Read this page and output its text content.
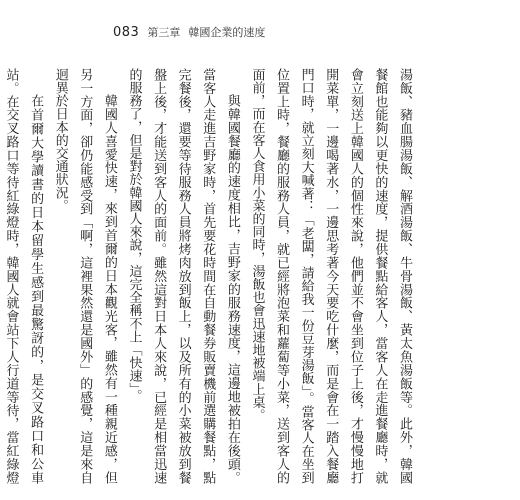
083 第三章 韓國企業的速度

湯飯、豬血腸湯飯、解酒湯飯、牛骨湯飯、黃太魚湯飯等。此外，韓國餐館也能夠以更快的速度，提供餐點給客人，當客人在走進餐廳時，就會立刻送上韓國人的個性來說，他們並不會坐到位子上後，才慢慢地打開菜單，一邊喝著水，一邊思考著今天要吃什麼，而是會在一踏入餐廳門口時，就立刻大喊著：「老闆，請給我一份豆芽湯飯」。當客人在坐到位置上時，餐廳的服務人員，就已經將泡菜和蘿蔔等小菜，送到客人的面前，而在客人食用小菜的同時，湯飯也會迅速地被端上桌。

與韓國餐廳的速度相比，吉野家的服務速度，這邊地被拍在後頭。當客人走進吉野家時，首先要花時間在自動餐券販賣機前選購餐點，點完餐後，還要等待服務人員將烤肉放到飯上，以及所有的小菜被放到餐盤上後，才能送到客人的面前。雖然這對日本人來說，已經是相當迅速的服務了，但是對於韓國人來說，這完全稱不上「快速」。

韓國人喜愛快速，來到首爾的日本觀光客，雖然有一種親近感，但另一方面，卻仍能感受到「啊，這裡果然還是國外」的感覺，這是來自迥異於日本的交通狀況。

在首爾大學讀書的日本留學生感到最驚訝的，是交叉路口和公車站。在交叉路口等待紅綠燈時，韓國人就會站下人行道等待，當紅綠燈
